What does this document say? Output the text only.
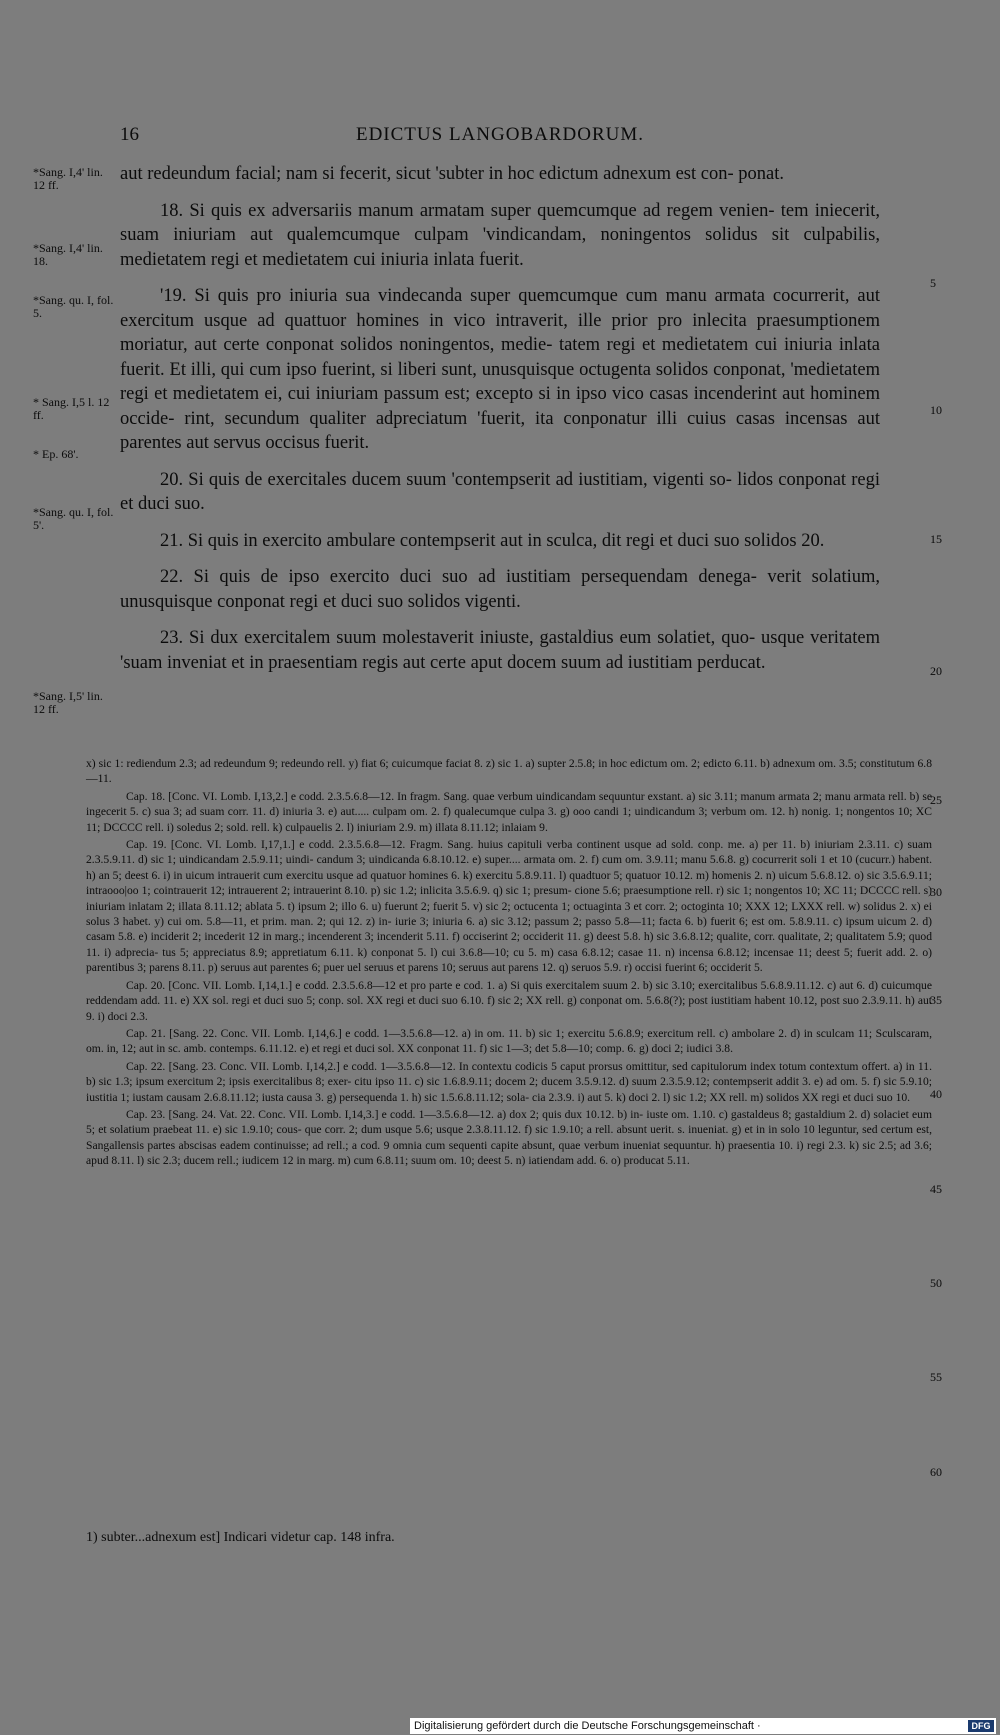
16	EDICTUS LANGOBARDORUM.
*Sang. I,4' lin. 12 ff.
*Sang. I,4' lin. 18.
*Sang. qu. I, fol. 5.
* Sang. I,5 l. 12 ff.
* Ep. 68'.
*Sang. qu. I, fol. 5'.
*Sang. I,5' lin. 12 ff.
5
10
15
20
25
30
35
40
45
50
55
60

aut redeundum facial; nam si fecerit, sicut 'subter in hoc edictum adnexum est con- ponat.

18. Si quis ex adversariis manum armatam super quemcumque ad regem venien- tem iniecerit, suam iniuriam aut qualemcumque culpam 'vindicandam, noningentos solidus sit culpabilis, medietatem regi et medietatem cui iniuria inlata fuerit.

'19. Si quis pro iniuria sua vindecanda super quemcumque cum manu armata cocurrerit, aut exercitum usque ad quattuor homines in vico intraverit, ille prior pro inlecita praesumptionem moriatur, aut certe conponat solidos noningentos, medie- tatem regi et medietatem cui iniuria inlata fuerit. Et illi, qui cum ipso fuerint, si liberi sunt, unusquisque octugenta solidos conponat, 'medietatem regi et medietatem ei, cui iniuriam passum est; excepto si in ipso vico casas incenderint aut hominem occide- rint, secundum qualiter adpreciatum 'fuerit, ita conponatur illi cuius casas incensas aut parentes aut servus occisus fuerit.

20. Si quis de exercitales ducem suum 'contempserit ad iustitiam, vigenti so- lidos conponat regi et duci suo.

21. Si quis in exercito ambulare contempserit aut in sculca, dit regi et duci suo solidos 20.

22. Si quis de ipso exercito duci suo ad iustitiam persequendam denega- verit solatium, unusquisque conponat regi et duci suo solidos vigenti.

23. Si dux exercitalem suum molestaverit iniuste, gastaldius eum solatiet, quo- usque veritatem 'suam inveniat et in praesentiam regis aut certe aput docem suum ad iustitiam perducat.

x) sic 1: rediendum 2.3; ad redeundum 9; redeundo rell. y) fiat 6; cuicumque faciat 8. z) sic 1. a) supter 2.5.8; in hoc edictum om. 2; edicto 6.11. b) adnexum om. 3.5; constitutum 6.8—11.

Cap. 18. [Conc. VI. Lomb. I,13,2.] e codd. 2.3.5.6.8—12. In fragm. Sang. quae verbum uindicandam sequuntur exstant. a) sic 3.11; manum armata 2; manu armata rell. b) se ingecerit 5. c) sua 3; ad suam corr. 11. d) iniuria 3. e) aut..... culpam om. 2. f) qualecumque culpa 3. g) ooo candi 1; uindicandum 3; verbum om. 12. h) nonig. 1; nongentos 10; XC 11; DCCCC rell. i) soledus 2; sold. rell. k) culpauelis 2. l) iniuriam 2.9. m) illata 8.11.12; inlaiam 9.

Cap. 19. [Conc. VI. Lomb. I,17,1.] e codd. 2.3.5.6.8—12. Fragm. Sang. huius capituli verba continent usque ad sold. conp. me. a) per 11. b) iniuriam 2.3.11. c) suam 2.3.5.9.11. d) sic 1; uindicandam 2.5.9.11; uindi- candum 3; uindicanda 6.8.10.12. e) super.... armata om. 2. f) cum om. 3.9.11; manu 5.6.8. g) cocurrerit soli 1 et 10 (cucurr.) habent. h) an 5; deest 6. i) in uicum intrauerit cum exercitu usque ad quatuor homines 6. k) exercitu 5.8.9.11. l) quadtuor 5; quatuor 10.12. m) homenis 2. n) uicum 5.6.8.12. o) sic 3.5.6.9.11; intraooo|oo 1; cointrauerit 12; intrauerent 2; intrauerint 8.10. p) sic 1.2; inlicita 3.5.6.9. q) sic 1; presum- cione 5.6; praesumptione rell. r) sic 1; nongentos 10; XC 11; DCCCC rell. s) iniuriam inlatam 2; illata 8.11.12; ablata 5. t) ipsum 2; illo 6. u) fuerunt 2; fuerit 5. v) sic 2; octucenta 1; octuaginta 3 et corr. 2; octoginta 10; XXX 12; LXXX rell. w) solidus 2. x) ei solus 3 habet. y) cui om. 5.8—11, et prim. man. 2; qui 12. z) in- iurie 3; iniuria 6. a) sic 3.12; passum 2; passo 5.8—11; facta 6. b) fuerit 6; est om. 5.8.9.11. c) ipsum uicum 2. d) casam 5.8. e) inciderit 2; incederit 12 in marg.; incenderent 3; incenderit 5.11. f) occiserint 2; occiderit 11. g) deest 5.8. h) sic 3.6.8.12; qualite, corr. qualitate, 2; qualitatem 5.9; quod 11. i) adprecia- tus 5; appreciatus 8.9; appretiatum 6.11. k) conponat 5. l) cui 3.6.8—10; cu 5. m) casa 6.8.12; casae 11. n) incensa 6.8.12; incensae 11; deest 5; fuerit add. 2. o) parentibus 3; parens 8.11. p) seruus aut parentes 6; puer uel seruus et parens 10; seruus aut parens 12. q) seruos 5.9. r) occisi fuerint 6; occiderit 5.

Cap. 20. [Conc. VII. Lomb. I,14,1.] e codd. 2.3.5.6.8—12 et pro parte e cod. 1. a) Si quis exercitalem suum 2. b) sic 3.10; exercitalibus 5.6.8.9.11.12. c) aut 6. d) cuicumque reddendam add. 11. e) XX sol. regi et duci suo 5; conp. sol. XX regi et duci suo 6.10. f) sic 2; XX rell. g) conponat om. 5.6.8(?); post iustitiam habent 10.12, post suo 2.3.9.11. h) aut 9. i) doci 2.3.

Cap. 21. [Sang. 22. Conc. VII. Lomb. I,14,6.] e codd. 1—3.5.6.8—12. a) in om. 11. b) sic 1; exercitu 5.6.8.9; exercitum rell. c) ambolare 2. d) in sculcam 11; Sculscaram, om. in, 12; aut in sc. amb. contemps. 6.11.12. e) et regi et duci sol. XX conponat 11. f) sic 1—3; det 5.8—10; comp. 6. g) doci 2; iudici 3.8.

Cap. 22. [Sang. 23. Conc. VII. Lomb. I,14,2.] e codd. 1—3.5.6.8—12. In contextu codicis 5 caput prorsus omittitur, sed capitulorum index totum contextum offert. a) in 11. b) sic 1.3; ipsum exercitum 2; ipsis exercitalibus 8; exer- citu ipso 11. c) sic 1.6.8.9.11; docem 2; ducem 3.5.9.12. d) suum 2.3.5.9.12; contempserit addit 3. e) ad om. 5. f) sic 5.9.10; iustitia 1; iustam causam 2.6.8.11.12; iusta causa 3. g) persequenda 1. h) sic 1.5.6.8.11.12; sola- cia 2.3.9. i) aut 5. k) doci 2. l) sic 1.2; XX rell. m) solidos XX regi et duci suo 10.

Cap. 23. [Sang. 24. Vat. 22. Conc. VII. Lomb. I,14,3.] e codd. 1—3.5.6.8—12. a) dox 2; quis dux 10.12. b) in- iuste om. 1.10. c) gastaldeus 8; gastaldium 2. d) solaciet eum 5; et solatium praebeat 11. e) sic 1.9.10; cous- que corr. 2; dum usque 5.6; usque 2.3.8.11.12. f) sic 1.9.10; a rell. absunt uerit. s. inueniat. g) et in in solo 10 leguntur, sed certum est, Sangallensis partes abscisas eadem continuisse; ad rell.; a cod. 9 omnia cum sequenti capite absunt, quae verbum inueniat sequuntur. h) praesentia 10. i) regi 2.3. k) sic 2.5; ad 3.6; apud 8.11. l) sic 2.3; ducem rell.; iudicem 12 in marg. m) cum 6.8.11; suum om. 10; deest 5. n) iatiendam add. 6. o) producat 5.11.

1) subter...adnexum est] Indicari videtur cap. 148 infra.
Digitalisierung gefördert durch die Deutsche Forschungsgemeinschaft ·	DFG
